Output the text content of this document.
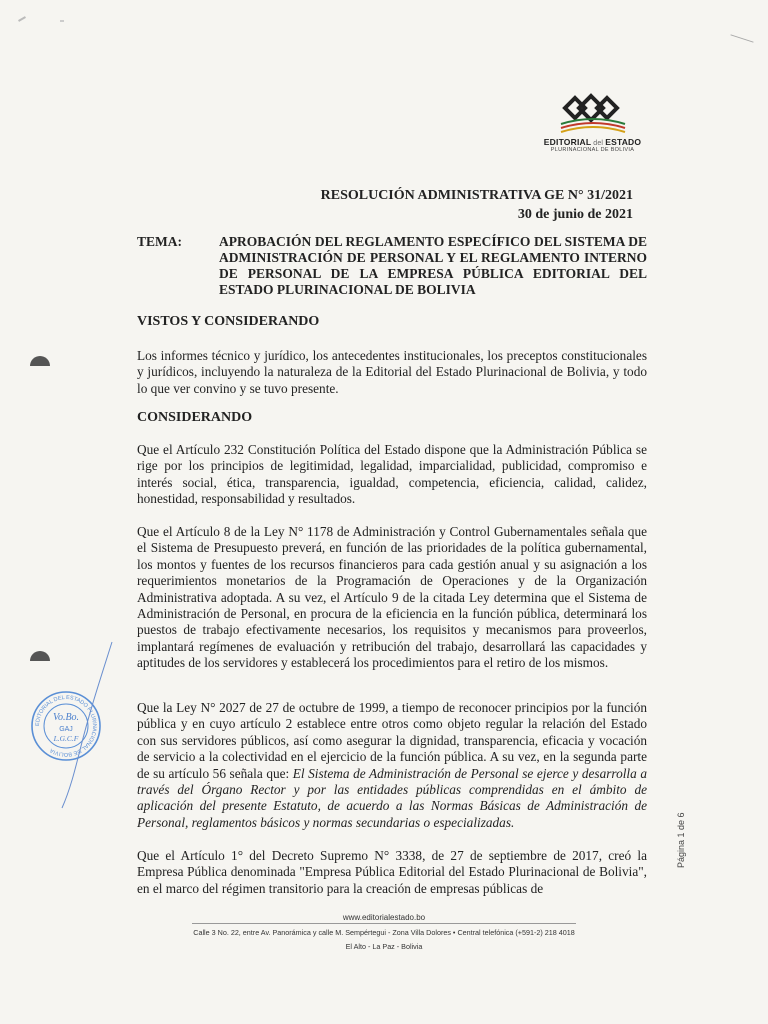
EDITORIAL del ESTADO
PLURINACIONAL DE BOLIVIA
RESOLUCIÓN ADMINISTRATIVA GE N° 31/2021
30 de junio de 2021
TEMA:	APROBACIÓN DEL REGLAMENTO ESPECÍFICO DEL SISTEMA DE ADMINISTRACIÓN DE PERSONAL Y EL REGLAMENTO INTERNO DE PERSONAL DE LA EMPRESA PÚBLICA EDITORIAL DEL ESTADO PLURINACIONAL DE BOLIVIA
VISTOS Y CONSIDERANDO
Los informes técnico y jurídico, los antecedentes institucionales, los preceptos constitucionales y jurídicos, incluyendo la naturaleza de la Editorial del Estado Plurinacional de Bolivia, y todo lo que ver convino y se tuvo presente.
CONSIDERANDO
Que el Artículo 232 Constitución Política del Estado dispone que la Administración Pública se rige por los principios de legitimidad, legalidad, imparcialidad, publicidad, compromiso e interés social, ética, transparencia, igualdad, competencia, eficiencia, calidad, calidez, honestidad, responsabilidad y resultados.
Que el Artículo 8 de la Ley N° 1178 de Administración y Control Gubernamentales señala que el Sistema de Presupuesto preverá, en función de las prioridades de la política gubernamental, los montos y fuentes de los recursos financieros para cada gestión anual y su asignación a los requerimientos monetarios de la Programación de Operaciones y de la Organización Administrativa adoptada. A su vez, el Artículo 9 de la citada Ley determina que el Sistema de Administración de Personal, en procura de la eficiencia en la función pública, determinará los puestos de trabajo efectivamente necesarios, los requisitos y mecanismos para proveerlos, implantará regímenes de evaluación y retribución del trabajo, desarrollará las capacidades y aptitudes de los servidores y establecerá los procedimientos para el retiro de los mismos.
Que la Ley N° 2027 de 27 de octubre de 1999, a tiempo de reconocer principios por la función pública y en cuyo artículo 2 establece entre otros como objeto regular la relación del Estado con sus servidores públicos, así como asegurar la dignidad, transparencia, eficacia y vocación de servicio a la colectividad en el ejercicio de la función pública. A su vez, en la segunda parte de su artículo 56 señala que: El Sistema de Administración de Personal se ejerce y desarrolla a través del Órgano Rector y por las entidades públicas comprendidas en el ámbito de aplicación del presente Estatuto, de acuerdo a las Normas Básicas de Administración de Personal, reglamentos básicos y normas secundarias o especializadas.
Que el Artículo 1° del Decreto Supremo N° 3338, de 27 de septiembre de 2017, creó la Empresa Pública denominada "Empresa Pública Editorial del Estado Plurinacional de Bolivia", en el marco del régimen transitorio para la creación de empresas públicas de
EDITORIAL DEL ESTADO PLURINACIONAL DE BOLIVIA
Vo.Bo.
GAJ
L.G.C.F
Página 1 de 6
www.editorialestado.bo
Calle 3 No. 22, entre Av. Panorámica y calle M. Sempértegui - Zona Villa Dolores • Central telefónica (+591-2) 218 4018
El Alto - La Paz - Bolivia
